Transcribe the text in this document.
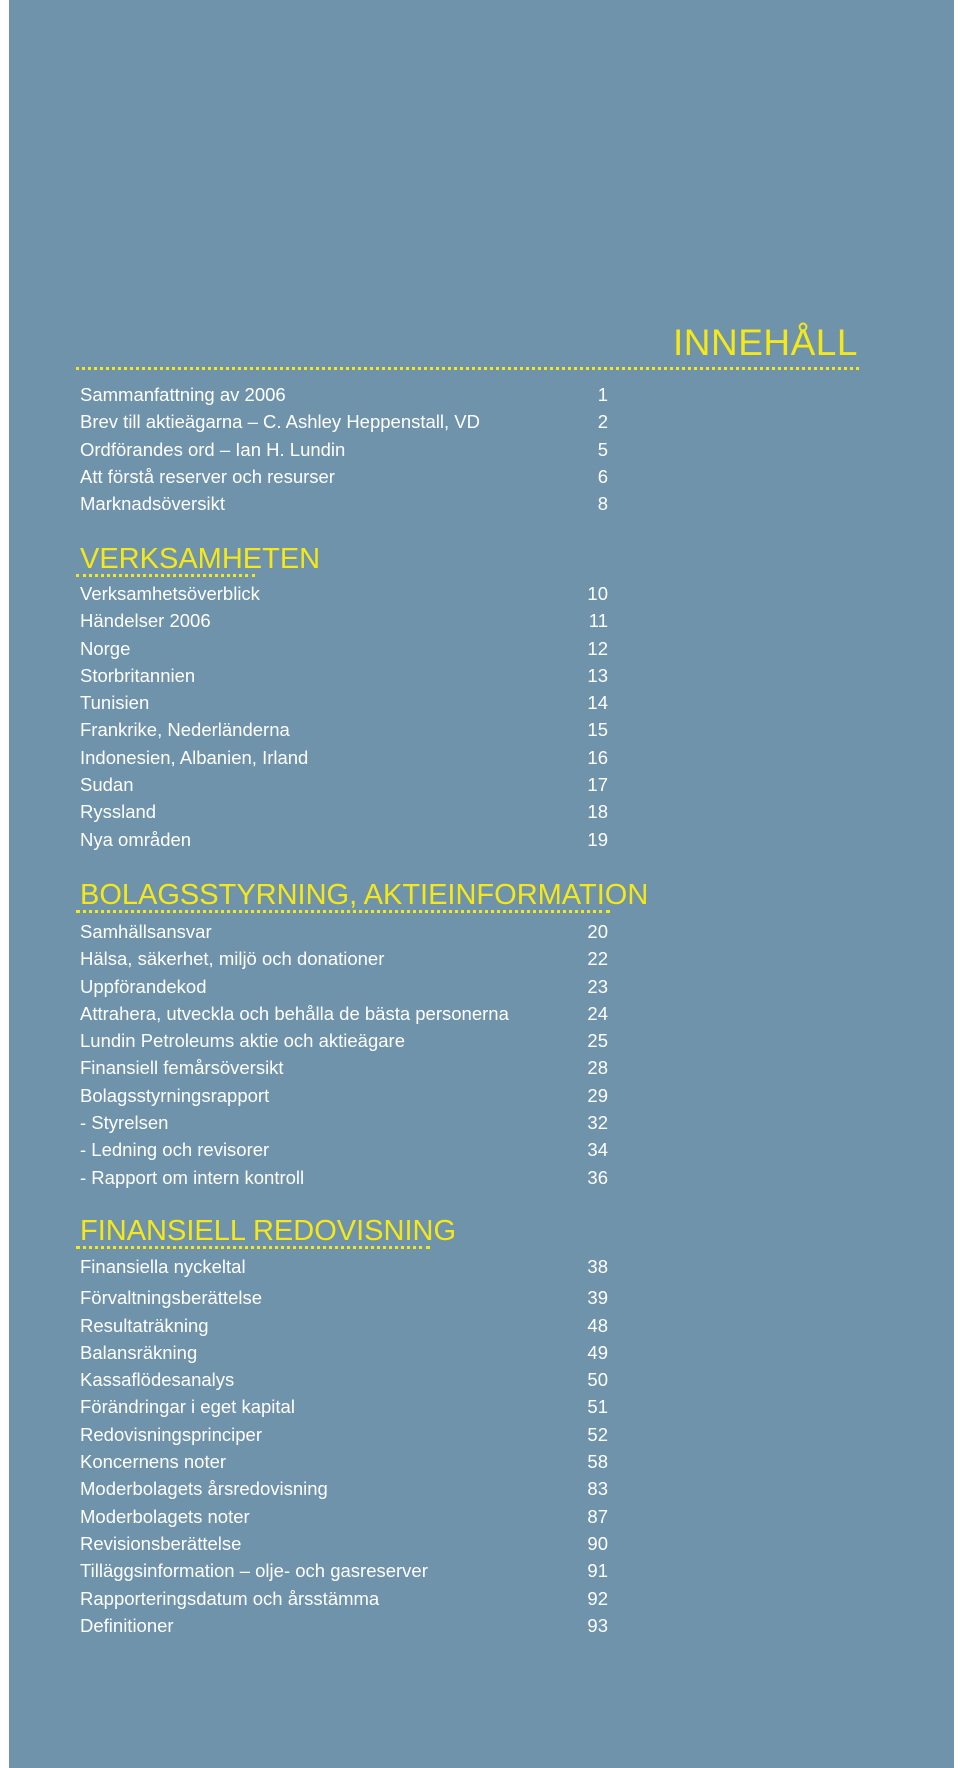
INNEHÅLL
Sammanfattning av 2006	1
Brev till aktieägarna – C. Ashley Heppenstall, VD	2
Ordförandes ord – Ian H. Lundin	5
Att förstå reserver och resurser	6
Marknadsöversikt	8
VERKSAMHETEN
Verksamhetsöverblick	10
Händelser 2006	11
Norge	12
Storbritannien	13
Tunisien	14
Frankrike, Nederländerna	15
Indonesien, Albanien, Irland	16
Sudan	17
Ryssland	18
Nya områden	19
BOLAGSSTYRNING, AKTIEINFORMATION
Samhällsansvar	20
Hälsa, säkerhet, miljö och donationer	22
Uppförandekod	23
Attrahera, utveckla och behålla de bästa personerna	24
Lundin Petroleums aktie och aktieägare	25
Finansiell femårsöversikt	28
Bolagsstyrningsrapport	29
- Styrelsen	32
- Ledning och revisorer	34
- Rapport om intern kontroll	36
FINANSIELL REDOVISNING
Finansiella nyckeltal	38
Förvaltningsberättelse	39
Resultaträkning	48
Balansräkning	49
Kassaflödesanalys	50
Förändringar i eget kapital	51
Redovisningsprinciper	52
Koncernens noter	58
Moderbolagets årsredovisning	83
Moderbolagets noter	87
Revisionsberättelse	90
Tilläggsinformation – olje- och gasreserver	91
Rapporteringsdatum och årsstämma	92
Definitioner	93
